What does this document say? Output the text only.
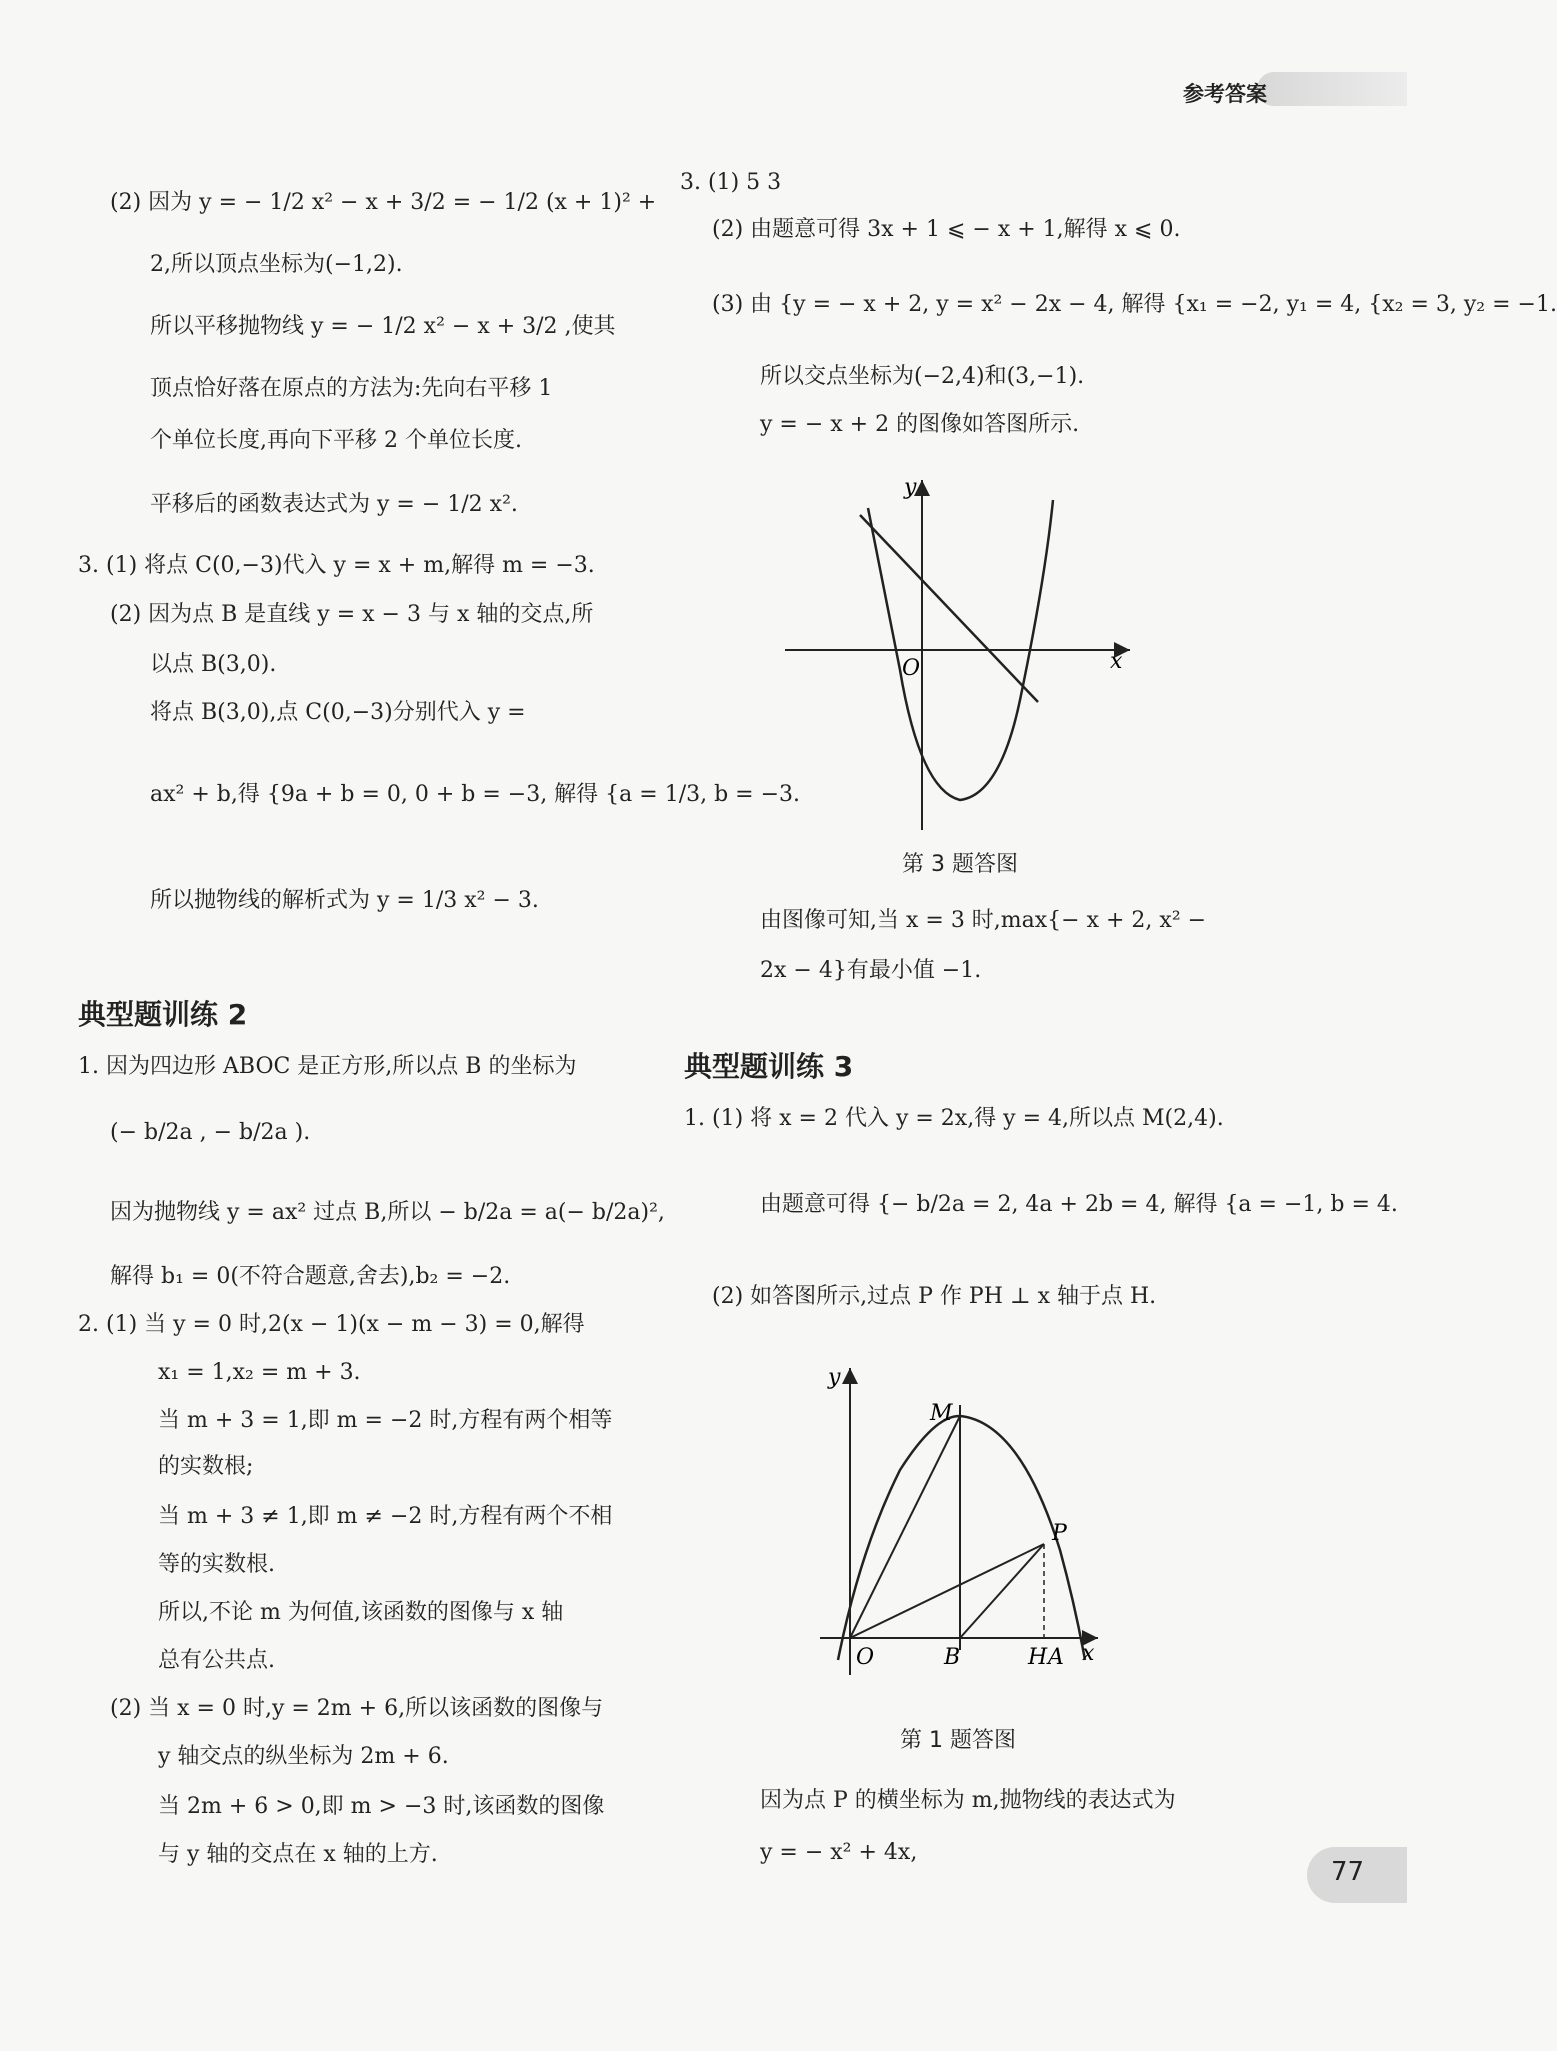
参考答案
(2) 因为 y = − 1/2 x² − x + 3/2 = − 1/2 (x + 1)² +
2,所以顶点坐标为(−1,2).
所以平移抛物线 y = − 1/2 x² − x + 3/2 ,使其
顶点恰好落在原点的方法为:先向右平移 1
个单位长度,再向下平移 2 个单位长度.
平移后的函数表达式为 y = − 1/2 x².
3. (1) 将点 C(0,−3)代入 y = x + m,解得 m = −3.
(2) 因为点 B 是直线 y = x − 3 与 x 轴的交点,所
以点 B(3,0).
将点 B(3,0),点 C(0,−3)分别代入 y =
ax² + b,得 {9a + b = 0, 0 + b = −3, 解得 {a = 1/3, b = −3.
所以抛物线的解析式为 y = 1/3 x² − 3.
典型题训练 2
1. 因为四边形 ABOC 是正方形,所以点 B 的坐标为
(− b/2a , − b/2a ).
因为抛物线 y = ax² 过点 B,所以 − b/2a = a(− b/2a)²,
解得 b₁ = 0(不符合题意,舍去),b₂ = −2.
2. (1) 当 y = 0 时,2(x − 1)(x − m − 3) = 0,解得
x₁ = 1,x₂ = m + 3.
当 m + 3 = 1,即 m = −2 时,方程有两个相等
的实数根;
当 m + 3 ≠ 1,即 m ≠ −2 时,方程有两个不相
等的实数根.
所以,不论 m 为何值,该函数的图像与 x 轴
总有公共点.
(2) 当 x = 0 时,y = 2m + 6,所以该函数的图像与
y 轴交点的纵坐标为 2m + 6.
当 2m + 6 > 0,即 m > −3 时,该函数的图像
与 y 轴的交点在 x 轴的上方.
3. (1) 5 3
(2) 由题意可得 3x + 1 ⩽ − x + 1,解得 x ⩽ 0.
(3) 由 {y = − x + 2, y = x² − 2x − 4, 解得 {x₁ = −2, y₁ = 4, {x₂ = 3, y₂ = −1.
所以交点坐标为(−2,4)和(3,−1).
y = − x + 2 的图像如答图所示.
y
x
O
第 3 题答图
由图像可知,当 x = 3 时,max{− x + 2, x² −
2x − 4}有最小值 −1.
典型题训练 3
1. (1) 将 x = 2 代入 y = 2x,得 y = 4,所以点 M(2,4).
由题意可得 {− b/2a = 2, 4a + 2b = 4, 解得 {a = −1, b = 4.
(2) 如答图所示,过点 P 作 PH ⊥ x 轴于点 H.
y
x
O
M
P
B	H A
第 1 题答图
因为点 P 的横坐标为 m,抛物线的表达式为
y = − x² + 4x,
77
